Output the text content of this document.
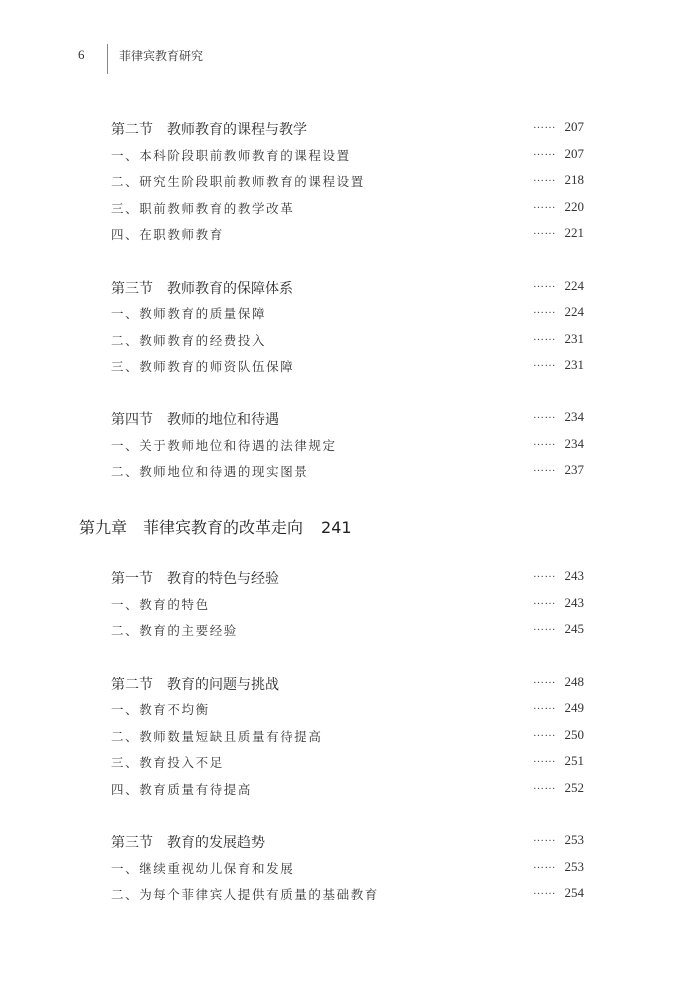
6	菲律宾教育研究
第二节　教师教育的课程与教学	…… 207
一、本科阶段职前教师教育的课程设置	…… 207
二、研究生阶段职前教师教育的课程设置	…… 218
三、职前教师教育的教学改革	…… 220
四、在职教师教育	…… 221
第三节　教师教育的保障体系	…… 224
一、教师教育的质量保障	…… 224
二、教师教育的经费投入	…… 231
三、教师教育的师资队伍保障	…… 231
第四节　教师的地位和待遇	…… 234
一、关于教师地位和待遇的法律规定	…… 234
二、教师地位和待遇的现实图景	…… 237
第九章　菲律宾教育的改革走向 241
第一节　教育的特色与经验	…… 243
一、教育的特色	…… 243
二、教育的主要经验	…… 245
第二节　教育的问题与挑战	…… 248
一、教育不均衡	…… 249
二、教师数量短缺且质量有待提高	…… 250
三、教育投入不足	…… 251
四、教育质量有待提高	…… 252
第三节　教育的发展趋势	…… 253
一、继续重视幼儿保育和发展	…… 253
二、为每个菲律宾人提供有质量的基础教育	…… 254
